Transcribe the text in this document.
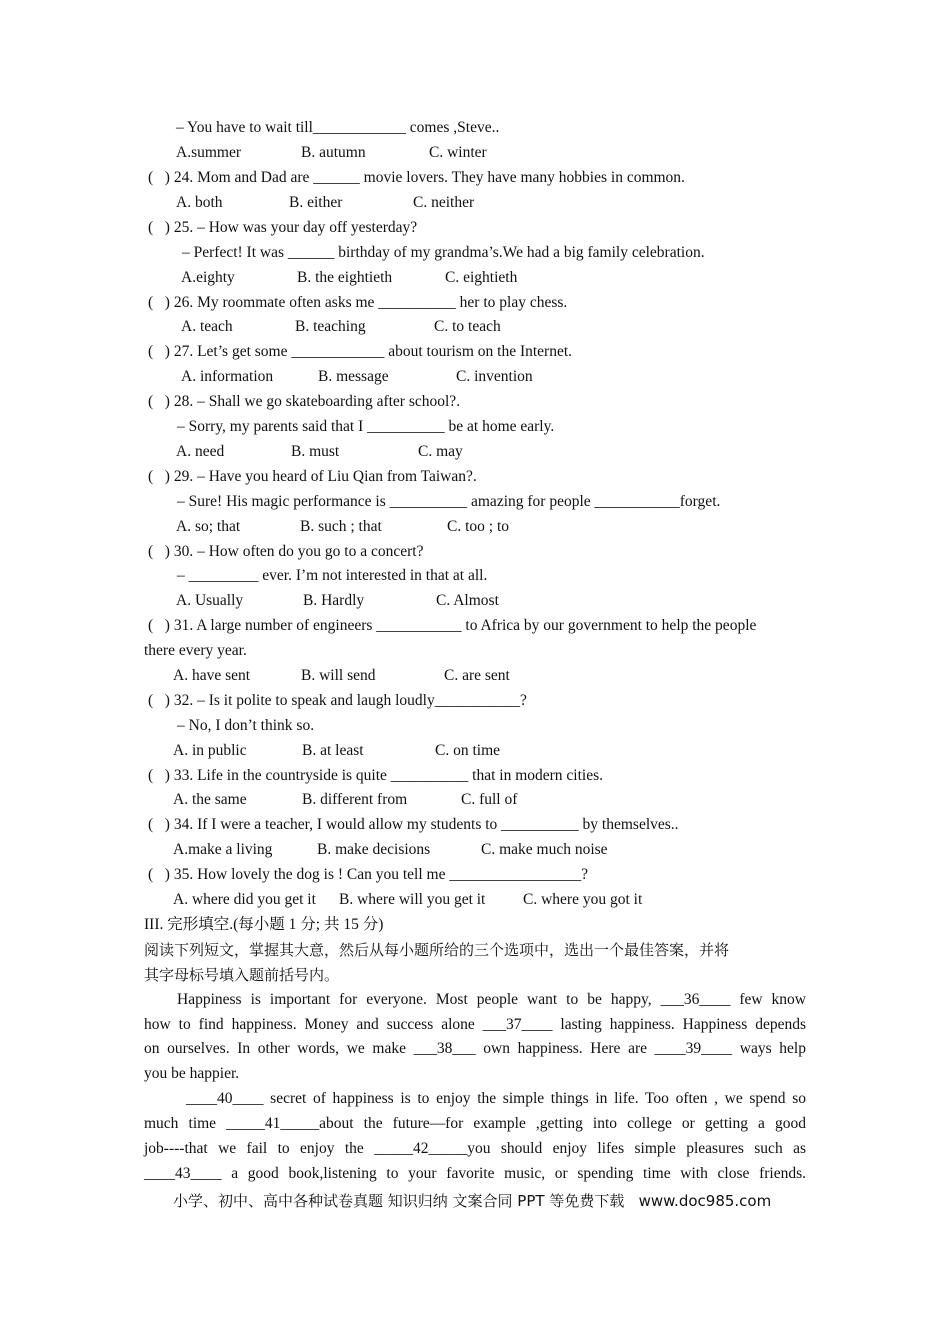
– You have to wait till____________ comes ,Steve..
A.summer	B. autumn	C. winter
(   ) 24. Mom and Dad are ______ movie lovers. They have many hobbies in common.
A. both	B. either	C. neither
(   ) 25. – How was your day off yesterday?
– Perfect! It was ______ birthday of my grandma’s.We had a big family celebration.
A.eighty	B. the eightieth	C. eightieth
(   ) 26. My roommate often asks me __________ her to play chess.
A. teach	B. teaching	C. to teach
(   ) 27. Let’s get some ____________ about tourism on the Internet.
A. information	B. message	C. invention
(   ) 28. – Shall we go skateboarding after school?.
– Sorry, my parents said that I __________ be at home early.
A. need	B. must	C. may
(   ) 29. – Have you heard of Liu Qian from Taiwan?.
– Sure! His magic performance is __________ amazing for people ___________forget.
A. so; that	B. such ; that	C. too ; to
(   ) 30. – How often do you go to a concert?
– _________ ever. I’m not interested in that at all.
A. Usually	B. Hardly	C. Almost
(   ) 31. A large number of engineers ___________ to Africa by our government to help the people
there every year.
A. have sent	B. will send	C. are sent
(   ) 32. – Is it polite to speak and laugh loudly___________?
– No, I don’t think so.
A. in public	B. at least	C. on time
(   ) 33. Life in the countryside is quite __________ that in modern cities.
A. the same	B. different from	C. full of
(   ) 34. If I were a teacher, I would allow my students to __________ by themselves..
A.make a living	B. make decisions	C. make much noise
(   ) 35. How lovely the dog is ! Can you tell me _________________?
A. where did you get it B. where will you get it C. where you got it
III. 完形填空.(每小题 1 分; 共 15 分)
阅读下列短文，掌握其大意，然后从每小题所给的三个选项中，选出一个最佳答案，并将
其字母标号填入题前括号内。
Happiness is important for everyone. Most people want to be happy, ___36____ few know
how to find happiness. Money and success alone ___37____ lasting happiness. Happiness depends
on ourselves. In other words, we make ___38___ own happiness. Here are ____39____ ways help
you be happier.
____40____ secret of happiness is to enjoy the simple things in life. Too often , we spend so
much time _____41_____about the future—for example ,getting into college or getting a good
job----that we fail to enjoy the _____42_____you should enjoy lifes simple pleasures such as
____43____ a good book,listening to your favorite music, or spending time with close friends.
小学、初中、高中各种试卷真题 知识归纳 文案合同 PPT 等免费下载   www.doc985.com
